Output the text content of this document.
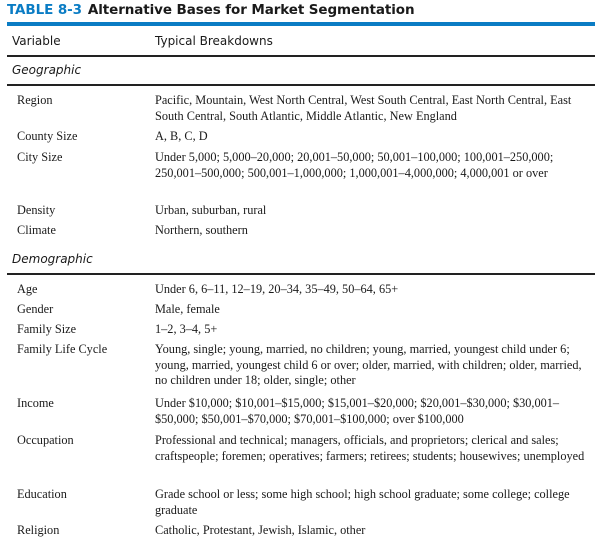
TABLE 8-3 Alternative Bases for Market Segmentation
Variable	Typical Breakdowns
Geographic
Region	Pacific, Mountain, West North Central, West South Central, East North Central, East South Central, South Atlantic, Middle Atlantic, New England
County Size	A, B, C, D
City Size	Under 5,000; 5,000–20,000; 20,001–50,000; 50,001–100,000; 100,001–250,000; 250,001–500,000; 500,001–1,000,000; 1,000,001–4,000,000; 4,000,001 or over
Density	Urban, suburban, rural
Climate	Northern, southern
Demographic
Age	Under 6, 6–11, 12–19, 20–34, 35–49, 50–64, 65+
Gender	Male, female
Family Size	1–2, 3–4, 5+
Family Life Cycle	Young, single; young, married, no children; young, married, youngest child under 6; young, married, youngest child 6 or over; older, married, with children; older, married, no children under 18; older, single; other
Income	Under $10,000; $10,001–$15,000; $15,001–$20,000; $20,001–$30,000; $30,001–$50,000; $50,001–$70,000; $70,001–$100,000; over $100,000
Occupation	Professional and technical; managers, officials, and proprietors; clerical and sales; craftspeople; foremen; operatives; farmers; retirees; students; housewives; unemployed
Education	Grade school or less; some high school; high school graduate; some college; college graduate
Religion	Catholic, Protestant, Jewish, Islamic, other
